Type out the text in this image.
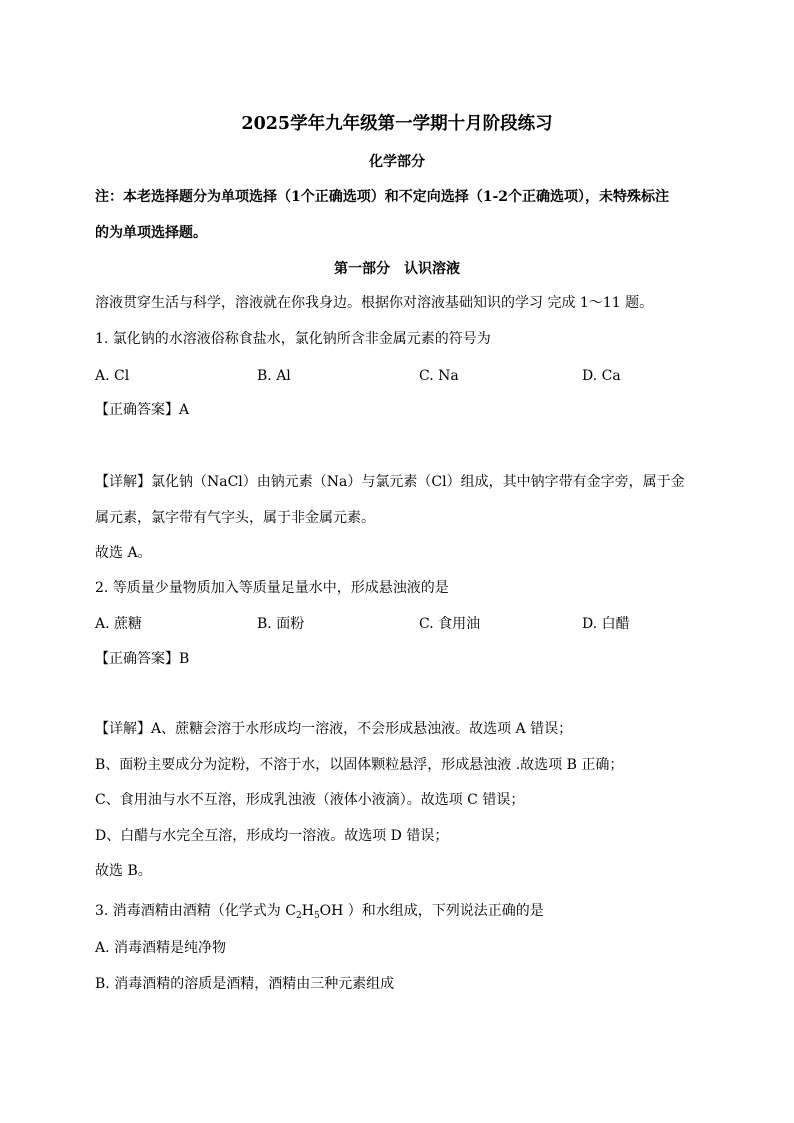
2025学年九年级第一学期十月阶段练习
化学部分
注：本老选择题分为单项选择（1个正确选项）和不定向选择（1-2个正确选项），未特殊标注
的为单项选择题。
第一部分　认识溶液
溶液贯穿生活与科学，溶液就在你我身边。根据你对溶液基础知识的学习 完成 1～11 题。
1. 氯化钠的水溶液俗称食盐水，氯化钠所含非金属元素的符号为
A. Cl	B. Al	C. Na	D. Ca
【正确答案】A
【详解】氯化钠（NaCl）由钠元素（Na）与氯元素（Cl）组成，其中钠字带有金字旁，属于金
属元素，氯字带有气字头，属于非金属元素。
故选 A。
2. 等质量少量物质加入等质量足量水中，形成悬浊液的是
A. 蔗糖	B. 面粉	C. 食用油	D. 白醋
【正确答案】B
【详解】A、蔗糖会溶于水形成均一溶液，不会形成悬浊液。故选项 A 错误；
B、面粉主要成分为淀粉，不溶于水，以固体颗粒悬浮，形成悬浊液 .故选项 B 正确；
C、食用油与水不互溶，形成乳浊液（液体小液滴）。故选项 C 错误；
D、白醋与水完全互溶，形成均一溶液。故选项 D 错误；
故选 B。
3. 消毒酒精由酒精（化学式为 $C_2H_5OH$ ）和水组成，下列说法正确的是
A. 消毒酒精是纯净物
B. 消毒酒精的溶质是酒精，酒精由三种元素组成
